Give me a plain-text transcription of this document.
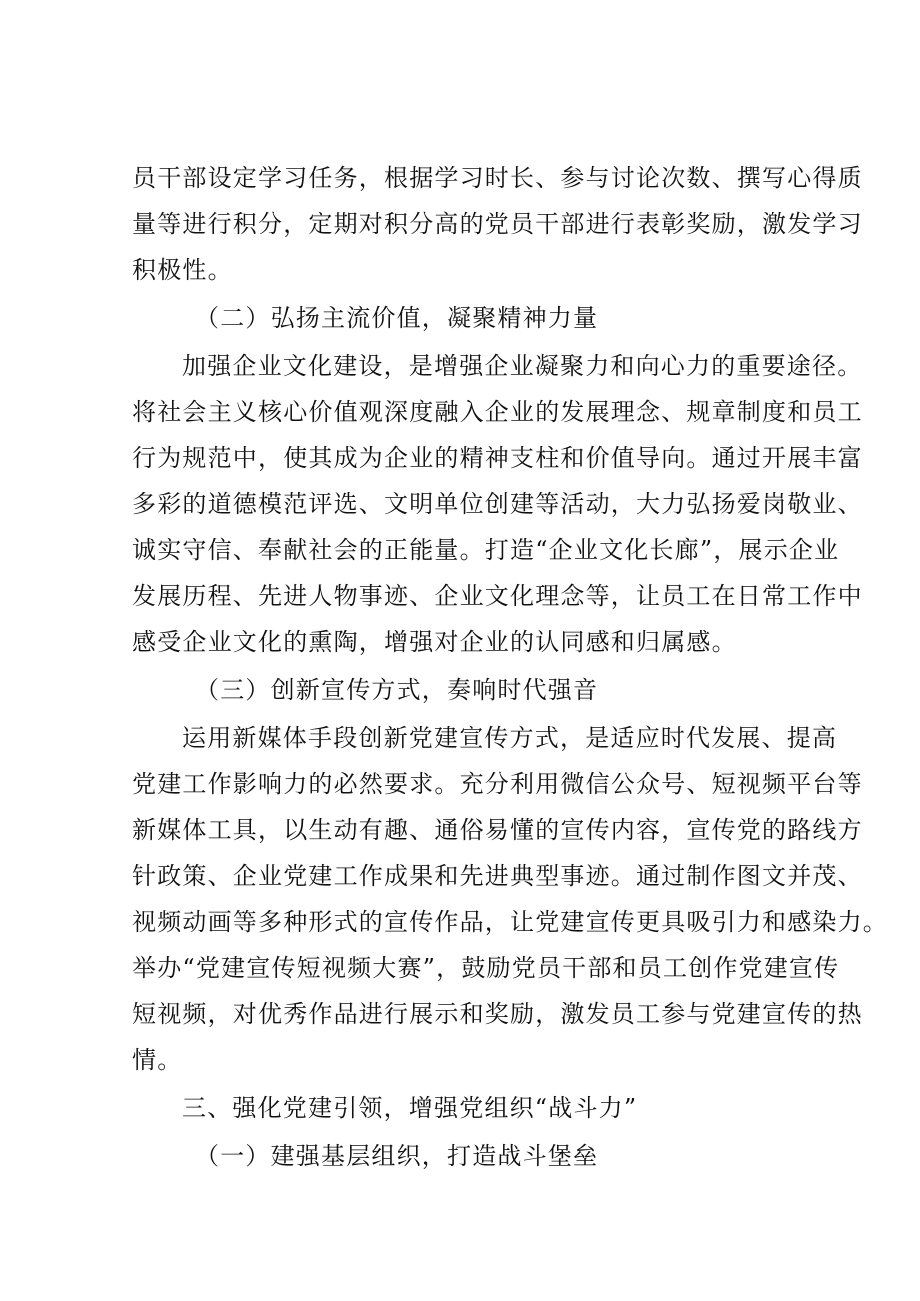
员干部设定学习任务，根据学习时长、参与讨论次数、撰写心得质
量等进行积分，定期对积分高的党员干部进行表彰奖励，激发学习
积极性。
（二）弘扬主流价值，凝聚精神力量
加强企业文化建设，是增强企业凝聚力和向心力的重要途径。
将社会主义核心价值观深度融入企业的发展理念、规章制度和员工
行为规范中，使其成为企业的精神支柱和价值导向。通过开展丰富
多彩的道德模范评选、文明单位创建等活动，大力弘扬爱岗敬业、
诚实守信、奉献社会的正能量。打造“企业文化长廊”，展示企业
发展历程、先进人物事迹、企业文化理念等，让员工在日常工作中
感受企业文化的熏陶，增强对企业的认同感和归属感。
（三）创新宣传方式，奏响时代强音
运用新媒体手段创新党建宣传方式，是适应时代发展、提高
党建工作影响力的必然要求。充分利用微信公众号、短视频平台等
新媒体工具，以生动有趣、通俗易懂的宣传内容，宣传党的路线方
针政策、企业党建工作成果和先进典型事迹。通过制作图文并茂、
视频动画等多种形式的宣传作品，让党建宣传更具吸引力和感染力。
举办“党建宣传短视频大赛”，鼓励党员干部和员工创作党建宣传
短视频，对优秀作品进行展示和奖励，激发员工参与党建宣传的热
情。
三、强化党建引领，增强党组织“战斗力”
（一）建强基层组织，打造战斗堡垒
